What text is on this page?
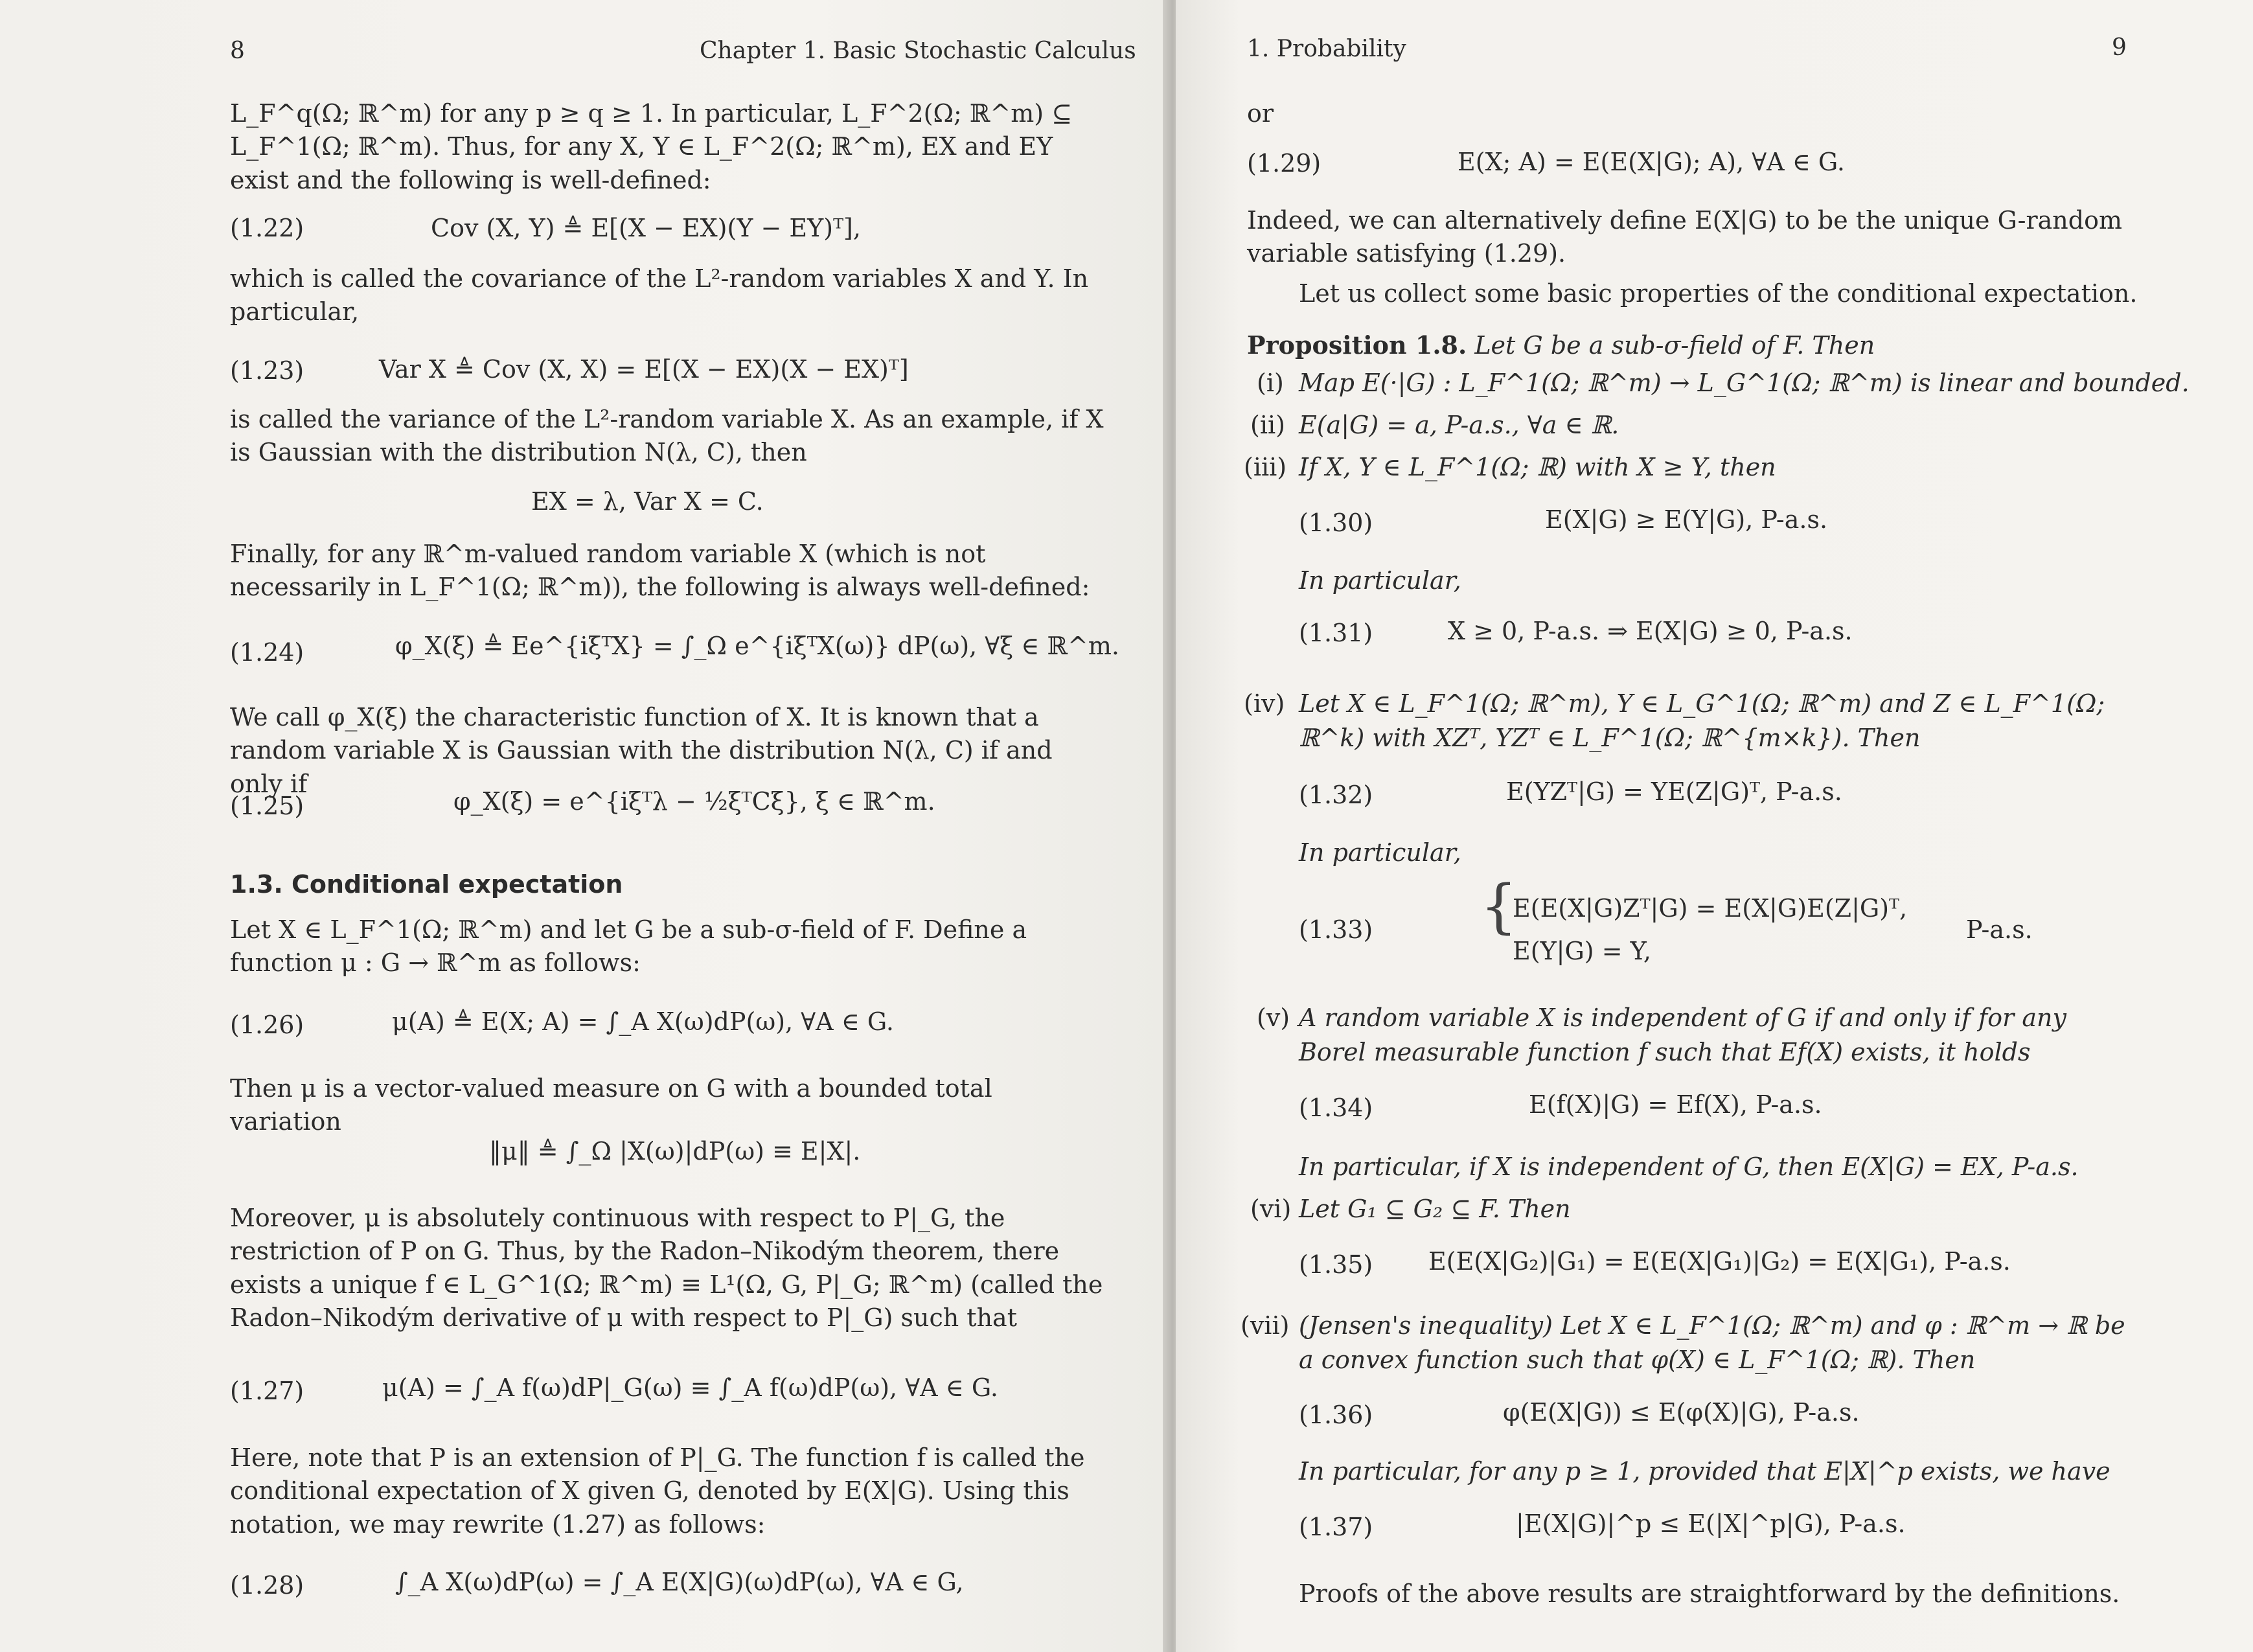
8	Chapter 1. Basic Stochastic Calculus
L_F^q(Ω; ℝ^m) for any p ≥ q ≥ 1. In particular, L_F^2(Ω; ℝ^m) ⊆ L_F^1(Ω; ℝ^m). Thus, for any X, Y ∈ L_F^2(Ω; ℝ^m), EX and EY exist and the following is well-defined:
(1.22)	Cov (X, Y) ≜ E[(X − EX)(Y − EY)ᵀ],
which is called the covariance of the L²-random variables X and Y. In particular,
(1.23)	Var X ≜ Cov (X, X) = E[(X − EX)(X − EX)ᵀ]
is called the variance of the L²-random variable X. As an example, if X is Gaussian with the distribution N(λ, C), then
EX = λ, Var X = C.
Finally, for any ℝ^m-valued random variable X (which is not necessarily in L_F^1(Ω; ℝ^m)), the following is always well-defined:
(1.24)	φ_X(ξ) ≜ Ee^{iξᵀX} = ∫_Ω e^{iξᵀX(ω)} dP(ω), ∀ξ ∈ ℝ^m.
We call φ_X(ξ) the characteristic function of X. It is known that a random variable X is Gaussian with the distribution N(λ, C) if and only if
(1.25)	φ_X(ξ) = e^{iξᵀλ − ½ξᵀCξ}, ξ ∈ ℝ^m.
1.3. Conditional expectation
Let X ∈ L_F^1(Ω; ℝ^m) and let G be a sub-σ-field of F. Define a function μ : G → ℝ^m as follows:
(1.26)	μ(A) ≜ E(X; A) = ∫_A X(ω)dP(ω), ∀A ∈ G.
Then μ is a vector-valued measure on G with a bounded total variation
‖μ‖ ≜ ∫_Ω |X(ω)|dP(ω) ≡ E|X|.
Moreover, μ is absolutely continuous with respect to P|_G, the restriction of P on G. Thus, by the Radon–Nikodým theorem, there exists a unique f ∈ L_G^1(Ω; ℝ^m) ≡ L¹(Ω, G, P|_G; ℝ^m) (called the Radon–Nikodým derivative of μ with respect to P|_G) such that
(1.27)	μ(A) = ∫_A f(ω)dP|_G(ω) ≡ ∫_A f(ω)dP(ω), ∀A ∈ G.
Here, note that P is an extension of P|_G. The function f is called the conditional expectation of X given G, denoted by E(X|G). Using this notation, we may rewrite (1.27) as follows:
(1.28)	∫_A X(ω)dP(ω) = ∫_A E(X|G)(ω)dP(ω), ∀A ∈ G,
1. Probability	9
or
(1.29)	E(X; A) = E(E(X|G); A), ∀A ∈ G.
Indeed, we can alternatively define E(X|G) to be the unique G-random variable satisfying (1.29).
Let us collect some basic properties of the conditional expectation.
Proposition 1.8. Let G be a sub-σ-field of F. Then
(i) Map E(·|G) : L_F^1(Ω; ℝ^m) → L_G^1(Ω; ℝ^m) is linear and bounded.
(ii) E(a|G) = a, P-a.s., ∀a ∈ ℝ.
(iii) If X, Y ∈ L_F^1(Ω; ℝ) with X ≥ Y, then
(1.30)	E(X|G) ≥ E(Y|G), P-a.s.
In particular,
(1.31)	X ≥ 0, P-a.s. ⇒ E(X|G) ≥ 0, P-a.s.
(iv) Let X ∈ L_F^1(Ω; ℝ^m), Y ∈ L_G^1(Ω; ℝ^m) and Z ∈ L_F^1(Ω; ℝ^k) with XZᵀ, YZᵀ ∈ L_F^1(Ω; ℝ^{m×k}). Then
(1.32)	E(YZᵀ|G) = YE(Z|G)ᵀ, P-a.s.
In particular,
(1.33) {
E(E(X|G)Zᵀ|G) = E(X|G)E(Z|G)ᵀ,
E(Y|G) = Y,
P-a.s.
(v) A random variable X is independent of G if and only if for any Borel measurable function f such that Ef(X) exists, it holds
(1.34)	E(f(X)|G) = Ef(X), P-a.s.
In particular, if X is independent of G, then E(X|G) = EX, P-a.s.
(vi) Let G₁ ⊆ G₂ ⊆ F. Then
(1.35) E(E(X|G₂)|G₁) = E(E(X|G₁)|G₂) = E(X|G₁), P-a.s.
(vii) (Jensen's inequality) Let X ∈ L_F^1(Ω; ℝ^m) and φ : ℝ^m → ℝ be a convex function such that φ(X) ∈ L_F^1(Ω; ℝ). Then
(1.36)	φ(E(X|G)) ≤ E(φ(X)|G), P-a.s.
In particular, for any p ≥ 1, provided that E|X|^p exists, we have
(1.37)	|E(X|G)|^p ≤ E(|X|^p|G), P-a.s.
Proofs of the above results are straightforward by the definitions.
